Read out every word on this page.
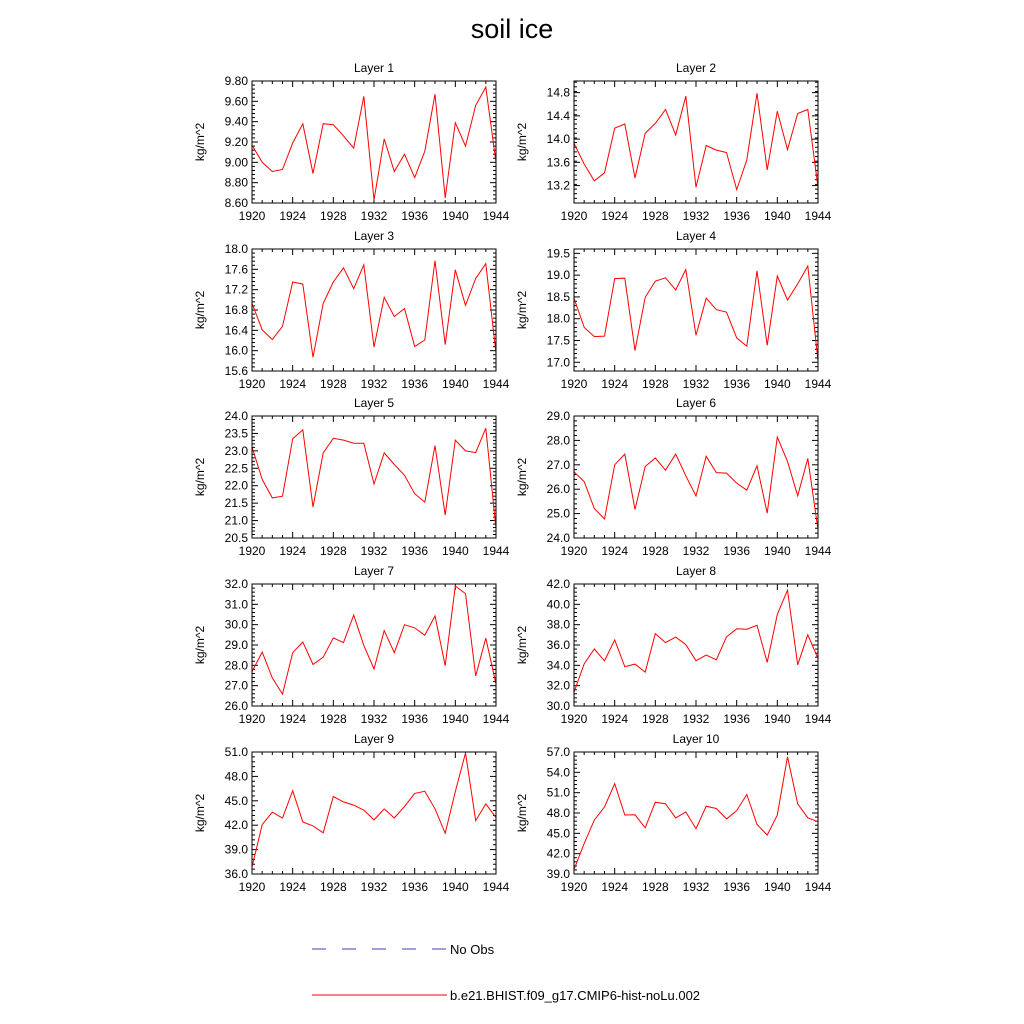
soil ice
Layer 1
kg/m^2
1920 1924 1928 1932 1936 1940 1944
8.60
8.80
9.00
9.20
9.40
9.60
9.80
Layer 2
kg/m^2
1920 1924 1928 1932 1936 1940 1944
13.2
13.6
14.0
14.4
14.8
Layer 3
kg/m^2
1920 1924 1928 1932 1936 1940 1944
15.6
16.0
16.4
16.8
17.2
17.6
18.0
Layer 4
kg/m^2
1920 1924 1928 1932 1936 1940 1944
17.0
17.5
18.0
18.5
19.0
19.5
Layer 5
kg/m^2
1920 1924 1928 1932 1936 1940 1944
20.5
21.0
21.5
22.0
22.5
23.0
23.5
24.0
Layer 6
kg/m^2
1920 1924 1928 1932 1936 1940 1944
24.0
25.0
26.0
27.0
28.0
29.0
Layer 7
kg/m^2
1920 1924 1928 1932 1936 1940 1944
26.0
27.0
28.0
29.0
30.0
31.0
32.0
Layer 8
kg/m^2
1920 1924 1928 1932 1936 1940 1944
30.0
32.0
34.0
36.0
38.0
40.0
42.0
Layer 9
kg/m^2
1920 1924 1928 1932 1936 1940 1944
36.0
39.0
42.0
45.0
48.0
51.0
Layer 10
kg/m^2
1920 1924 1928 1932 1936 1940 1944
39.0
42.0
45.0
48.0
51.0
54.0
57.0
No Obs
b.e21.BHIST.f09_g17.CMIP6-hist-noLu.002
